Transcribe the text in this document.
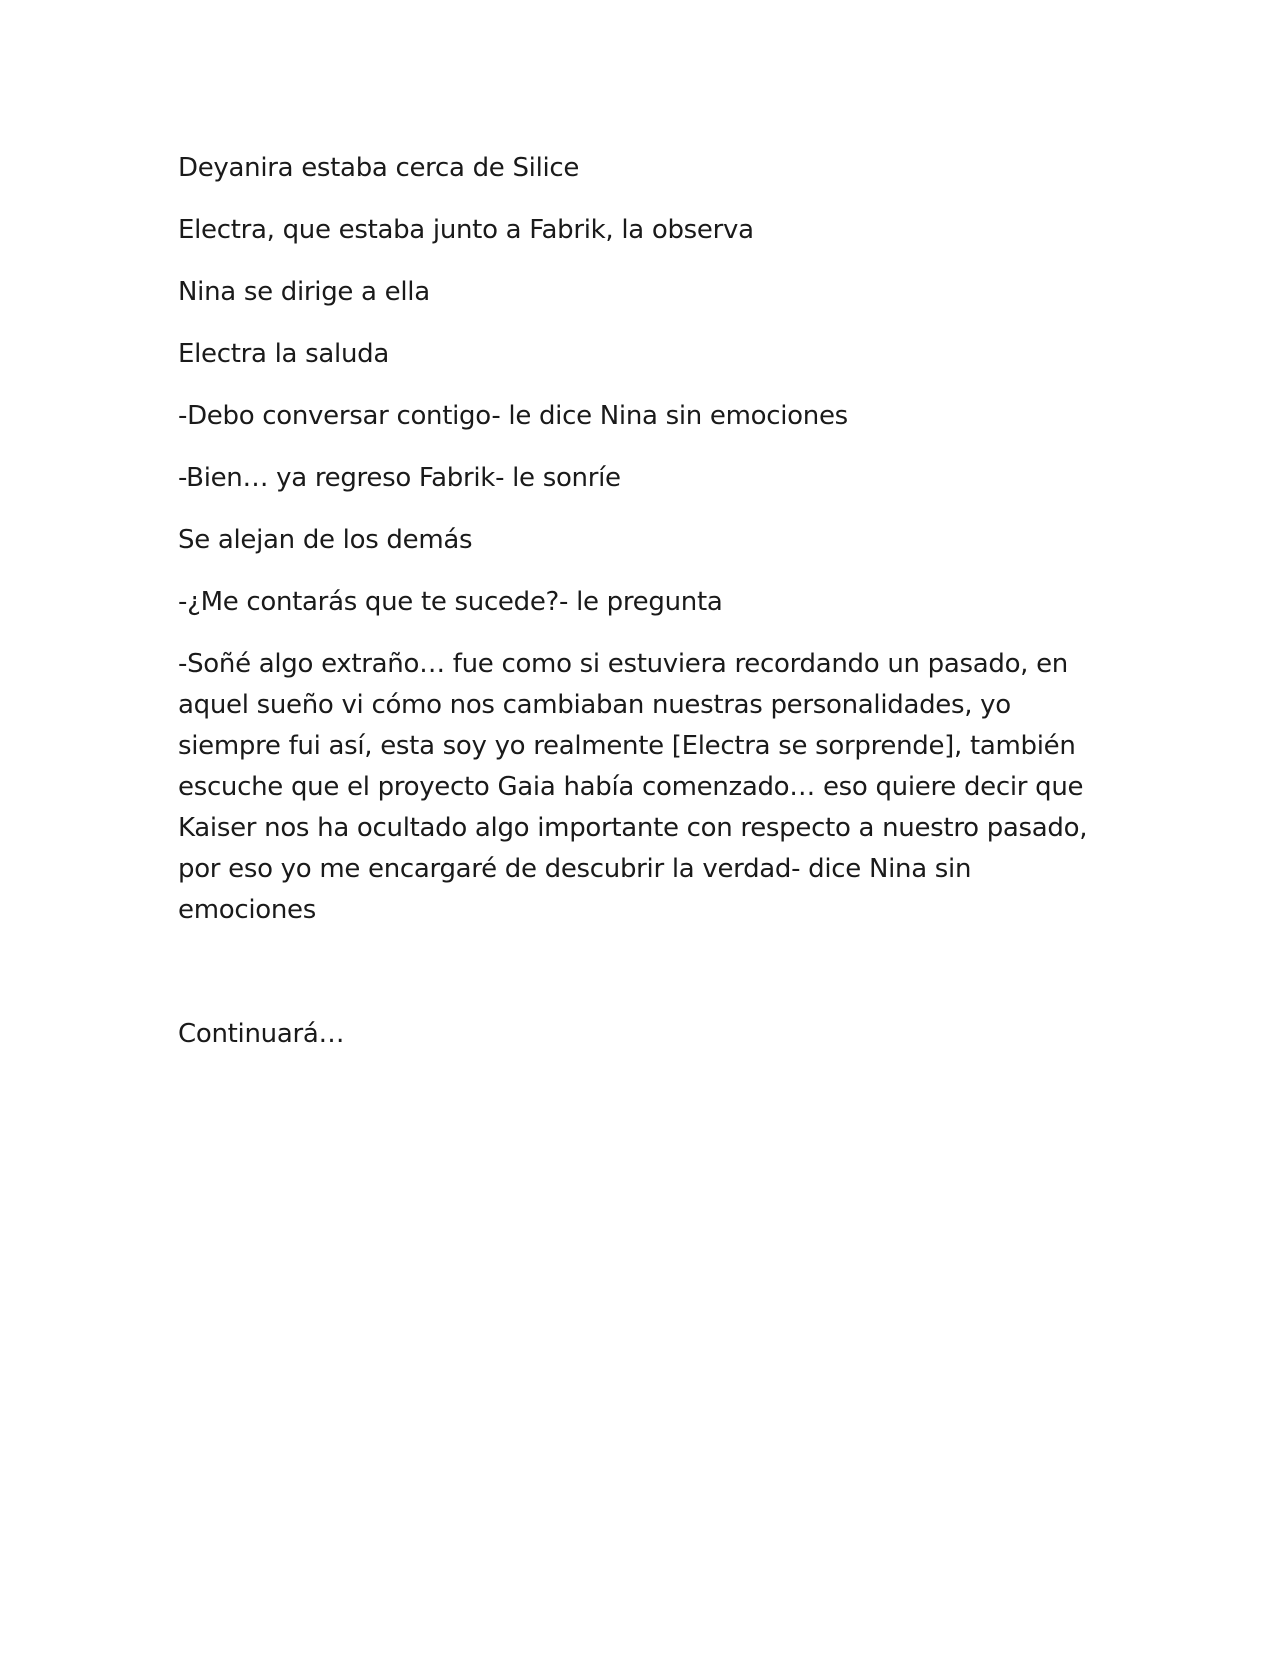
Deyanira estaba cerca de Silice

Electra, que estaba junto a Fabrik, la observa

Nina se dirige a ella

Electra la saluda

-Debo conversar contigo- le dice Nina sin emociones

-Bien… ya regreso Fabrik- le sonríe

Se alejan de los demás

-¿Me contarás que te sucede?- le pregunta

-Soñé algo extraño… fue como si estuviera recordando un pasado, en aquel sueño vi cómo nos cambiaban nuestras personalidades, yo siempre fui así, esta soy yo realmente [Electra se sorprende], también escuche que el proyecto Gaia había comenzado… eso quiere decir que Kaiser nos ha ocultado algo importante con respecto a nuestro pasado, por eso yo me encargaré de descubrir la verdad- dice Nina sin emociones

Continuará…
